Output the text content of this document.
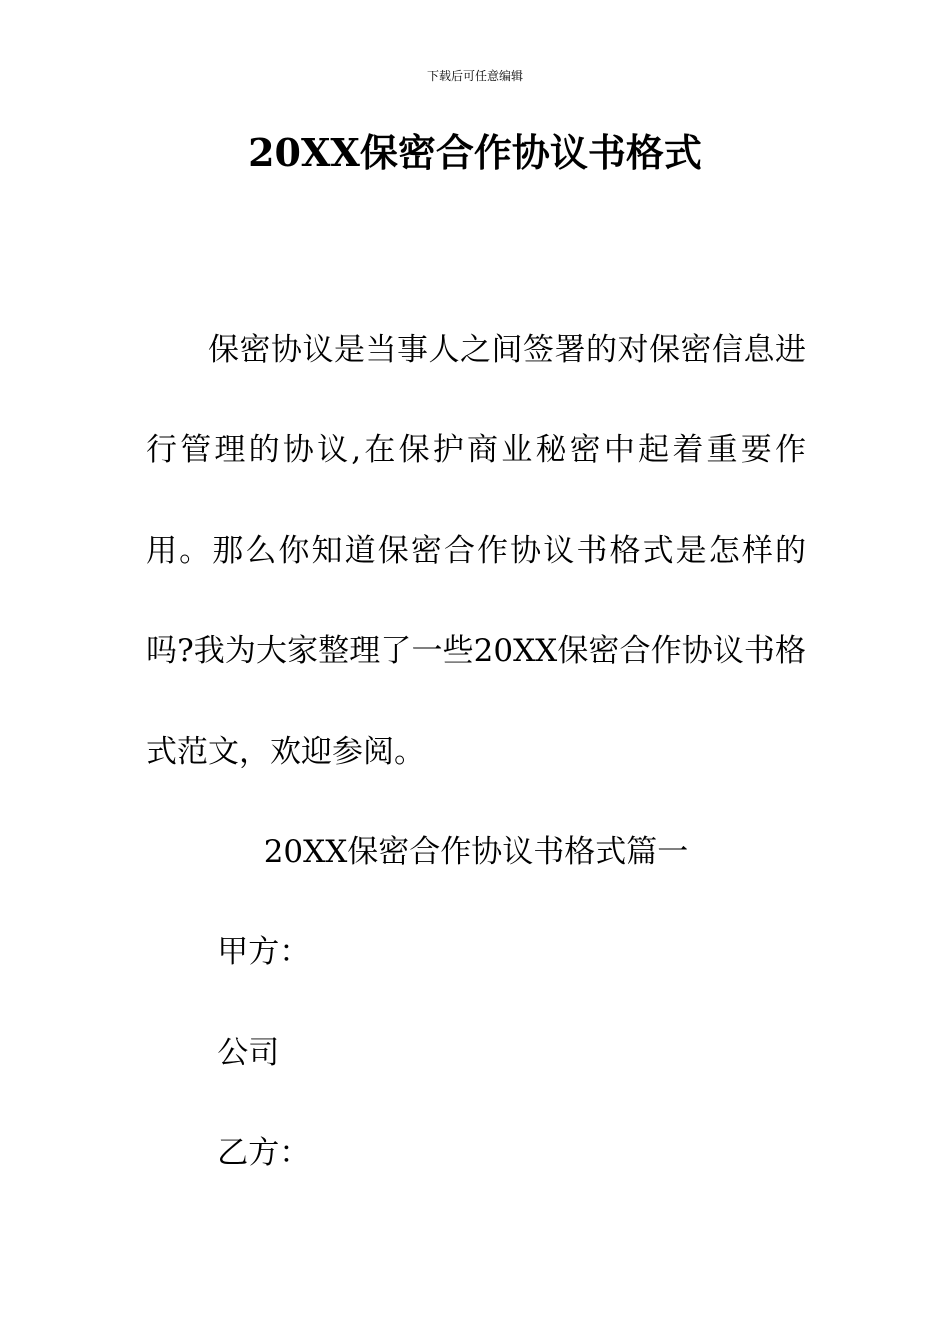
下载后可任意编辑
20XX保密合作协议书格式

保密协议是当事人之间签署的对保密信息进行管理的协议,在保护商业秘密中起着重要作用。那么你知道保密合作协议书格式是怎样的吗?我为大家整理了一些20XX保密合作协议书格式范文，欢迎参阅。

20XX保密合作协议书格式篇一

甲方：

公司

乙方：
